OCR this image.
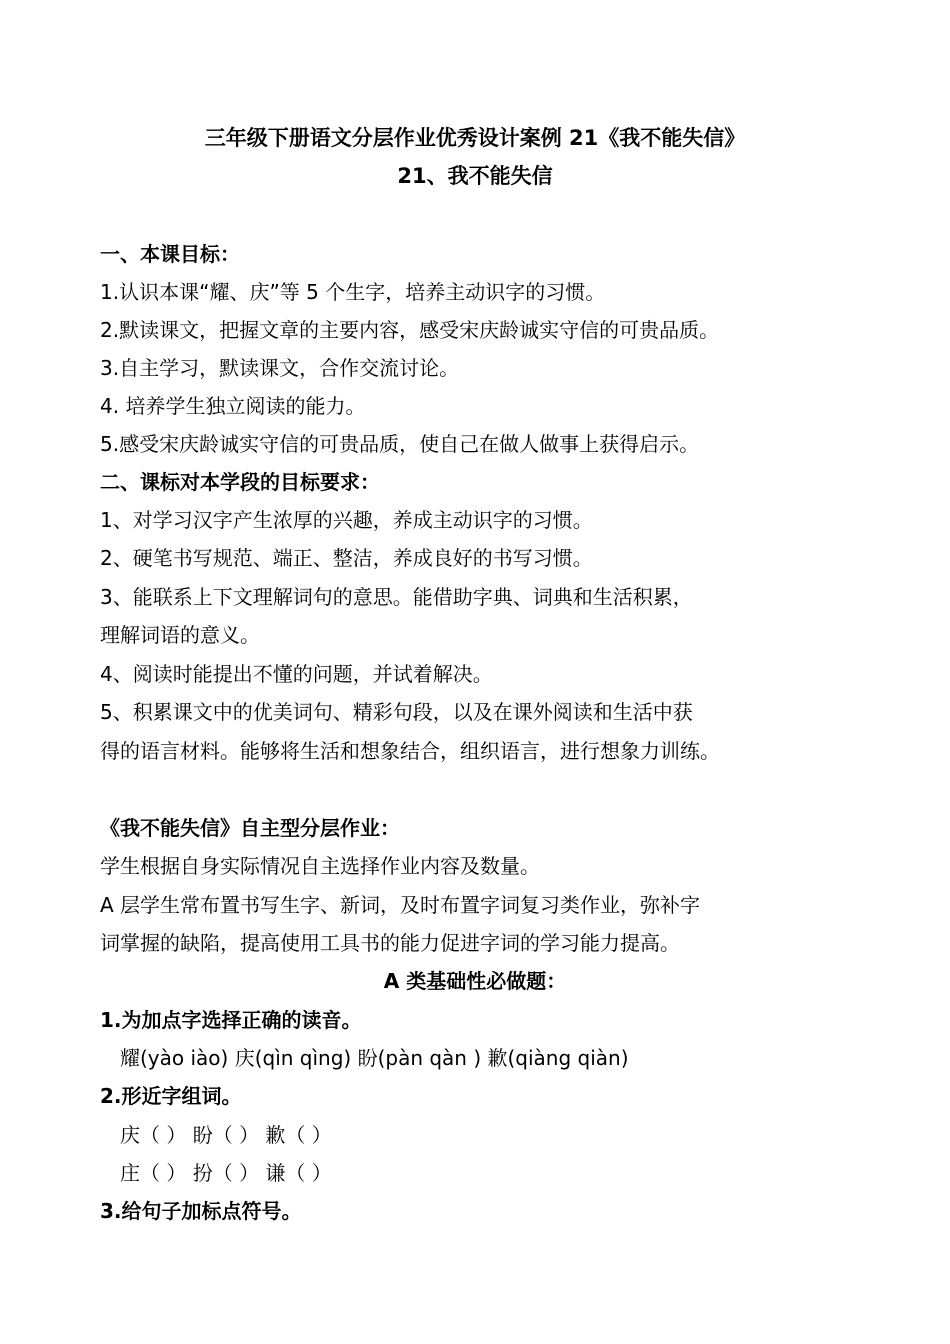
三年级下册语文分层作业优秀设计案例 21《我不能失信》
21、我不能失信
一、本课目标：
1.认识本课“耀、庆”等 5 个生字，培养主动识字的习惯。
2.默读课文，把握文章的主要内容，感受宋庆龄诚实守信的可贵品质。
3.自主学习，默读课文，合作交流讨论。
4. 培养学生独立阅读的能力。
5.感受宋庆龄诚实守信的可贵品质，使自己在做人做事上获得启示。
二、课标对本学段的目标要求：
1、对学习汉字产生浓厚的兴趣，养成主动识字的习惯。
2、硬笔书写规范、端正、整洁，养成良好的书写习惯。
3、能联系上下文理解词句的意思。能借助字典、词典和生活积累，
理解词语的意义。
4、阅读时能提出不懂的问题，并试着解决。
5、积累课文中的优美词句、精彩句段，以及在课外阅读和生活中获
得的语言材料。能够将生活和想象结合，组织语言，进行想象力训练。
《我不能失信》自主型分层作业：
学生根据自身实际情况自主选择作业内容及数量。
A 层学生常布置书写生字、新词，及时布置字词复习类作业，弥补字
词掌握的缺陷，提高使用工具书的能力促进字词的学习能力提高。
A 类基础性必做题：
1.为加点字选择正确的读音。
耀(yào iào) 庆(qìn qìng) 盼(pàn qàn ) 歉(qiàng qiàn)
2.形近字组词。
庆（ ） 盼（ ） 歉（ ）
庄（ ） 扮（ ） 谦（ ）
3.给句子加标点符号。
